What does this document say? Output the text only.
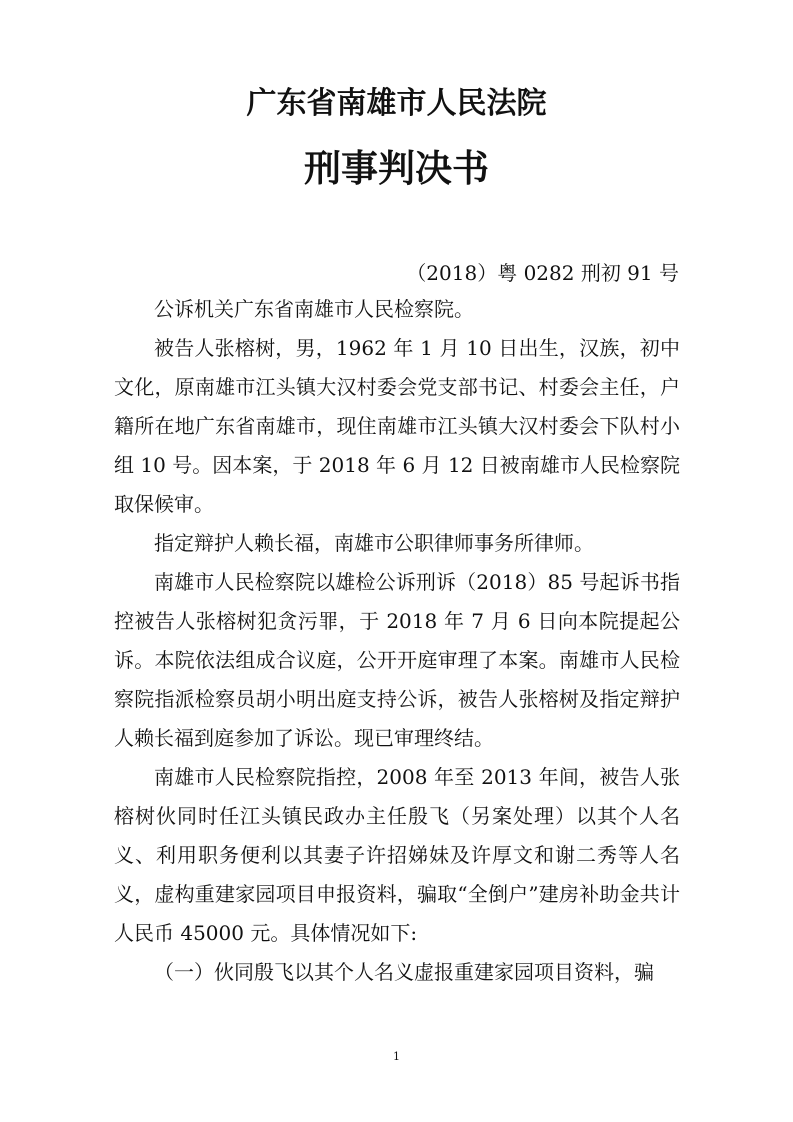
广东省南雄市人民法院
刑事判决书
（2018）粤 0282 刑初 91 号

公诉机关广东省南雄市人民检察院。

被告人张榕树，男，1962 年 1 月 10 日出生，汉族，初中文化，原南雄市江头镇大汉村委会党支部书记、村委会主任，户籍所在地广东省南雄市，现住南雄市江头镇大汉村委会下队村小组 10 号。因本案，于 2018 年 6 月 12 日被南雄市人民检察院取保候审。

指定辩护人赖长福，南雄市公职律师事务所律师。

南雄市人民检察院以雄检公诉刑诉（2018）85 号起诉书指控被告人张榕树犯贪污罪，于 2018 年 7 月 6 日向本院提起公诉。本院依法组成合议庭，公开开庭审理了本案。南雄市人民检察院指派检察员胡小明出庭支持公诉，被告人张榕树及指定辩护人赖长福到庭参加了诉讼。现已审理终结。

南雄市人民检察院指控，2008 年至 2013 年间，被告人张榕树伙同时任江头镇民政办主任殷飞（另案处理）以其个人名义、利用职务便利以其妻子许招娣妹及许厚文和谢二秀等人名义，虚构重建家园项目申报资料，骗取“全倒户”建房补助金共计人民币 45000 元。具体情况如下:

（一）伙同殷飞以其个人名义虚报重建家园项目资料，骗

1
